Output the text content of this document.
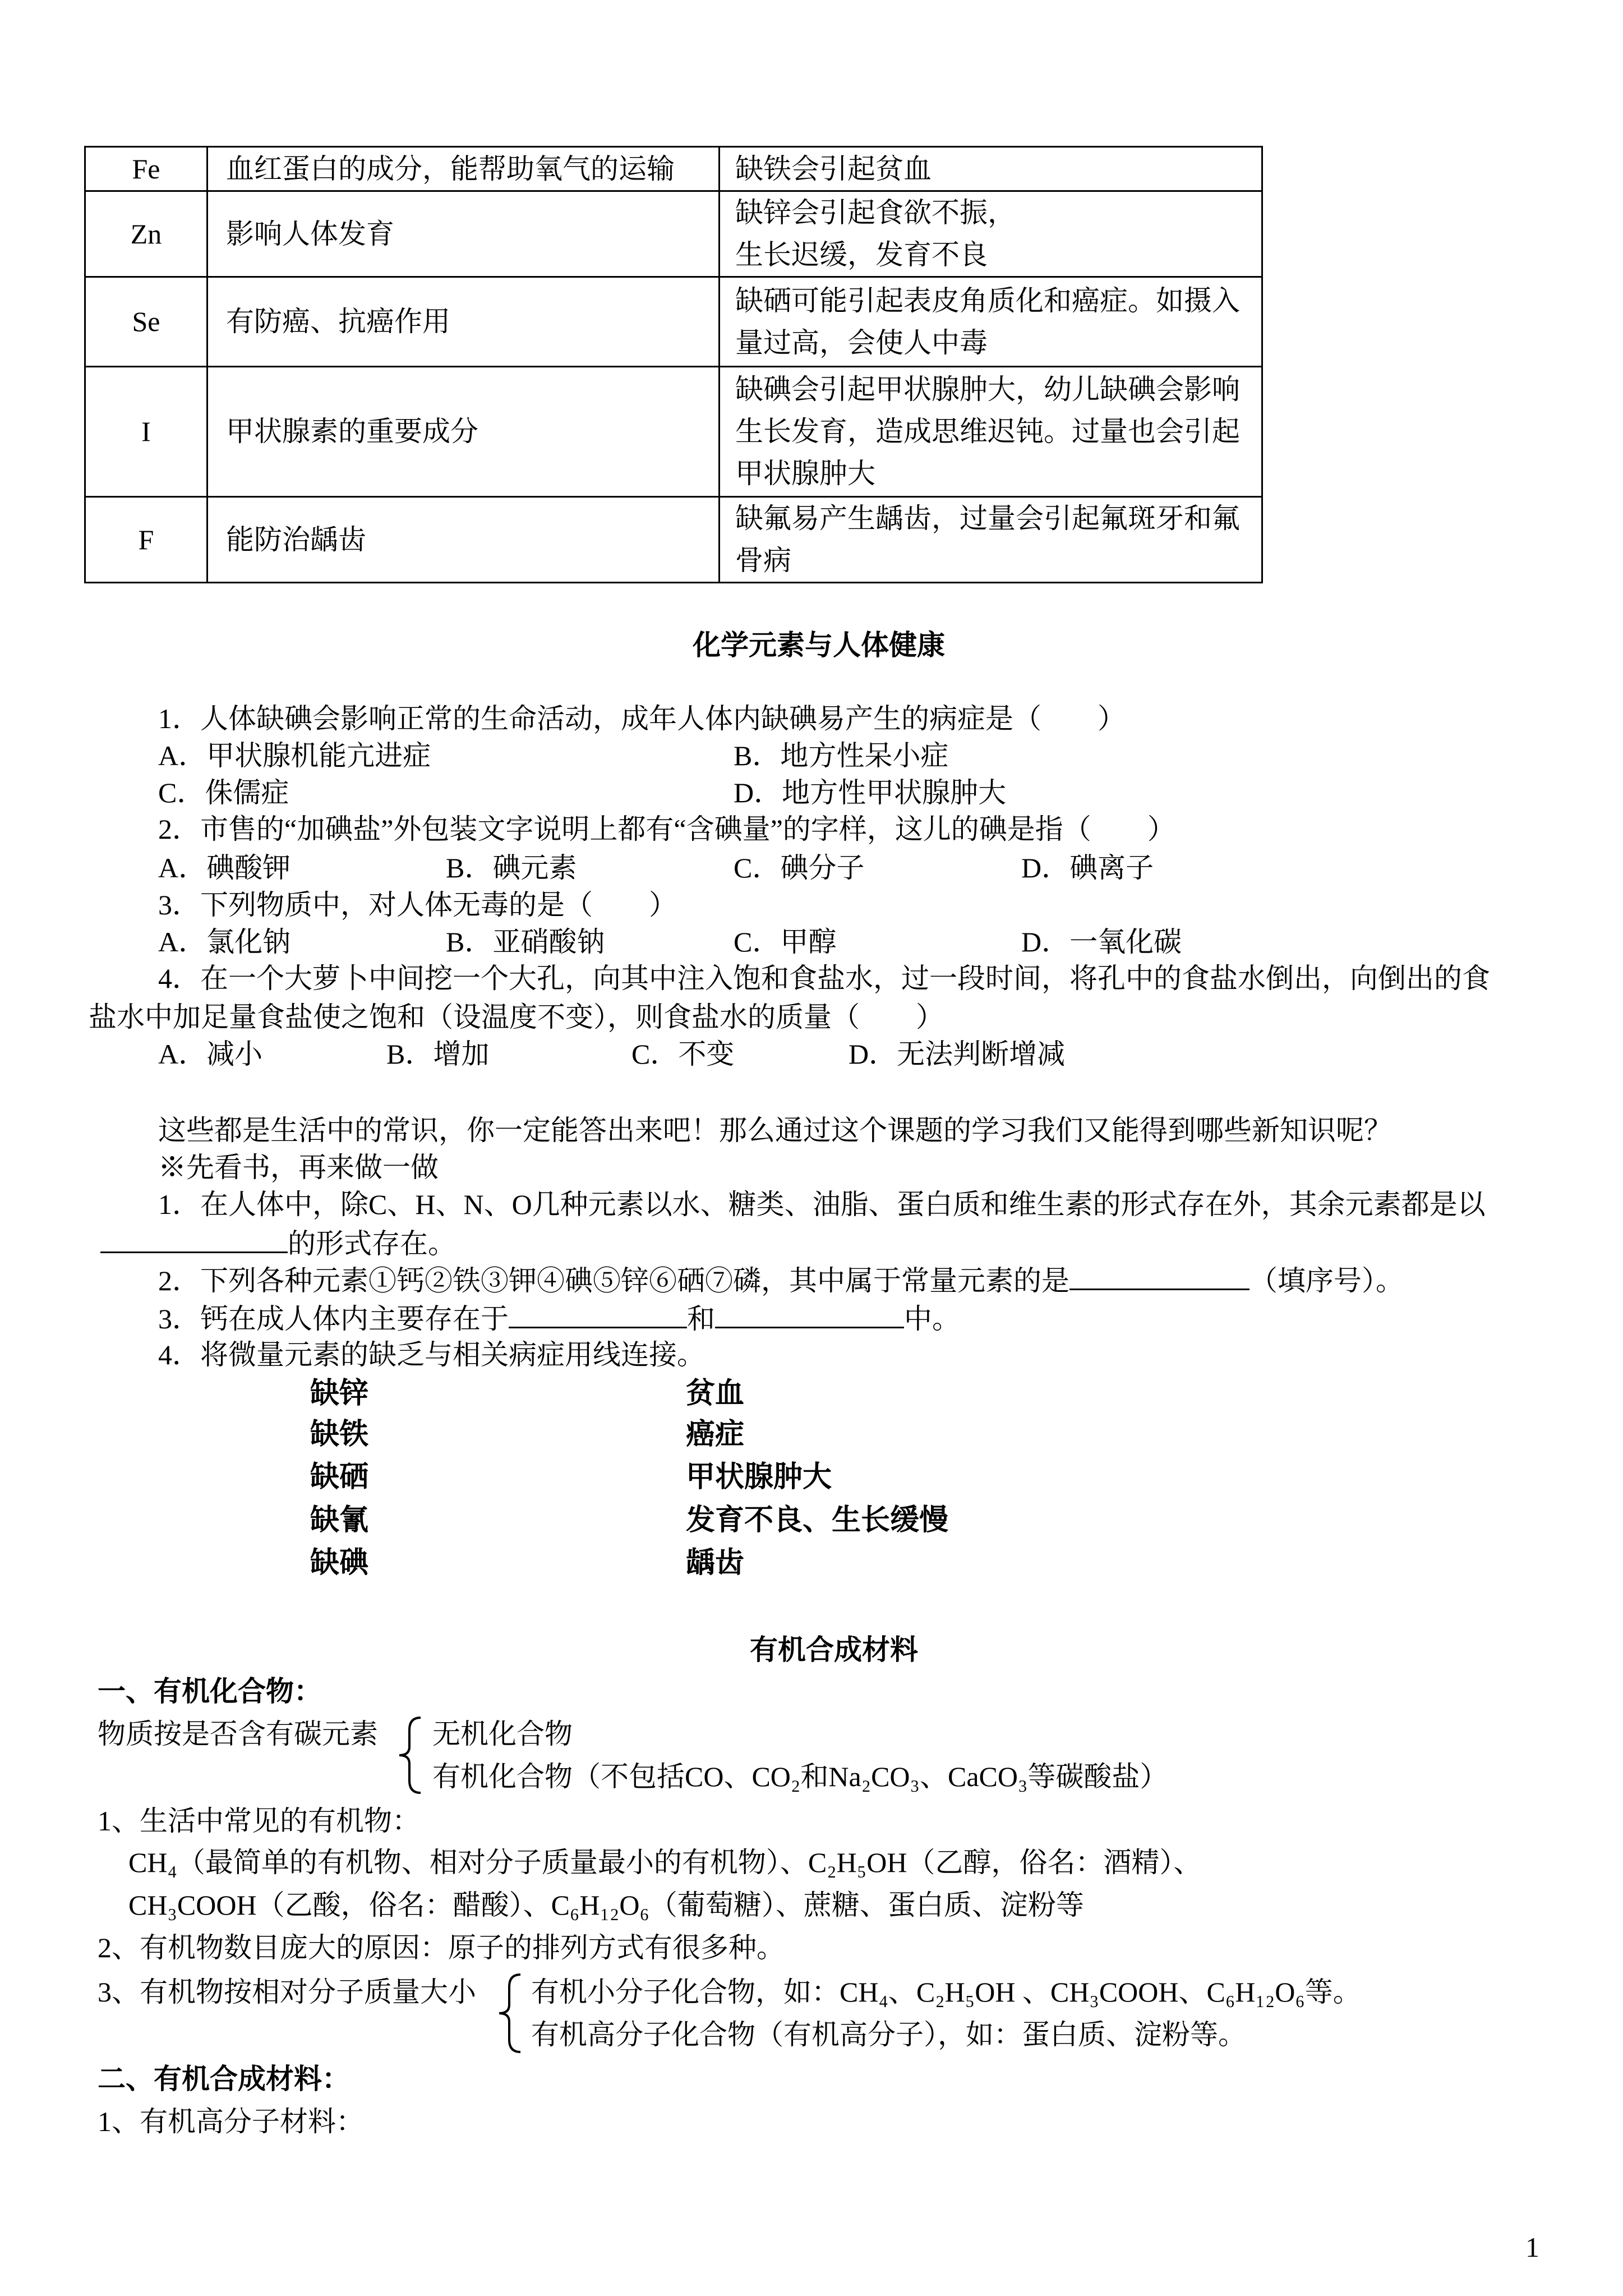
Fe	血红蛋白的成分，能帮助氧气的运输	缺铁会引起贫血

Zn	影响人体发育	缺锌会引起食欲不振，
生长迟缓，发育不良

Se	有防癌、抗癌作用	缺硒可能引起表皮角质化和癌症。如摄入
量过高，会使人中毒

I	甲状腺素的重要成分	缺碘会引起甲状腺肿大，幼儿缺碘会影响
生长发育，造成思维迟钝。过量也会引起
甲状腺肿大

F	能防治龋齿	缺氟易产生龋齿，过量会引起氟斑牙和氟
骨病
化学元素与人体健康
1．人体缺碘会影响正常的生命活动，成年人体内缺碘易产生的病症是（　　）
A．甲状腺机能亢进症	B．地方性呆小症
C．侏儒症	D．地方性甲状腺肿大
2．市售的“加碘盐”外包装文字说明上都有“含碘量”的字样，这儿的碘是指（　　）
A．碘酸钾	B．碘元素	C．碘分子	D．碘离子
3．下列物质中，对人体无毒的是（　　）
A．氯化钠	B．亚硝酸钠	C．甲醇	D．一氧化碳
4．在一个大萝卜中间挖一个大孔，向其中注入饱和食盐水，过一段时间，将孔中的食盐水倒出，向倒出的食
盐水中加足量食盐使之饱和（设温度不变），则食盐水的质量（　　）
A．减小	B．增加	C．不变	D．无法判断增减
这些都是生活中的常识，你一定能答出来吧！那么通过这个课题的学习我们又能得到哪些新知识呢？
※先看书，再来做一做
1．在人体中，除C、H、N、O几种元素以水、糖类、油脂、蛋白质和维生素的形式存在外，其余元素都是以
的形式存在。
2．下列各种元素①钙②铁③钾④碘⑤锌⑥硒⑦磷，其中属于常量元素的是	（填序号）。
3．钙在成人体内主要存在于	和	中。
4．将微量元素的缺乏与相关病症用线连接。
缺锌	贫血
缺铁	癌症
缺硒	甲状腺肿大
缺氰	发育不良、生长缓慢
缺碘	龋齿
有机合成材料
一、有机化合物：
物质按是否含有碳元素 无机化合物
有机化合物（不包括CO、CO₂和Na₂CO₃、CaCO₃等碳酸盐）
1、生活中常见的有机物：
CH₄（最简单的有机物、相对分子质量最小的有机物）、C₂H₅OH（乙醇，俗名：酒精）、
CH₃COOH（乙酸，俗名：醋酸）、C₆H₁₂O₆（葡萄糖）、蔗糖、蛋白质、淀粉等
2、有机物数目庞大的原因：原子的排列方式有很多种。
3、有机物按相对分子质量大小 有机小分子化合物，如：CH₄、C₂H₅OH 、CH₃COOH、C₆H₁₂O₆等。
有机高分子化合物（有机高分子），如：蛋白质、淀粉等。
二、有机合成材料：
1、有机高分子材料：
1
